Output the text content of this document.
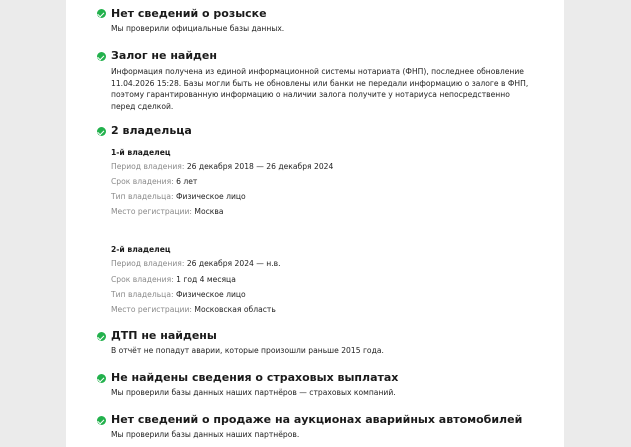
Нет сведений о розыске
Мы проверили официальные базы данных.
Залог не найден
Информация получена из единой информационной системы нотариата (ФНП), последнее обновление 11.04.2026 15:28. Базы могли быть не обновлены или банки не передали информацию о залоге в ФНП, поэтому гарантированную информацию о наличии залога получите у нотариуса непосредственно перед сделкой.
2 владельца
1-й владелец
Период владения: 26 декабря 2018 — 26 декабря 2024
Срок владения: 6 лет
Тип владельца: Физическое лицо
Место регистрации: Москва
2-й владелец
Период владения: 26 декабря 2024 — н.в.
Срок владения: 1 год 4 месяца
Тип владельца: Физическое лицо
Место регистрации: Московская область
ДТП не найдены
В отчёт не попадут аварии, которые произошли раньше 2015 года.
Не найдены сведения о страховых выплатах
Мы проверили базы данных наших партнёров — страховых компаний.
Нет сведений о продаже на аукционах аварийных автомобилей
Мы проверили базы данных наших партнёров.
